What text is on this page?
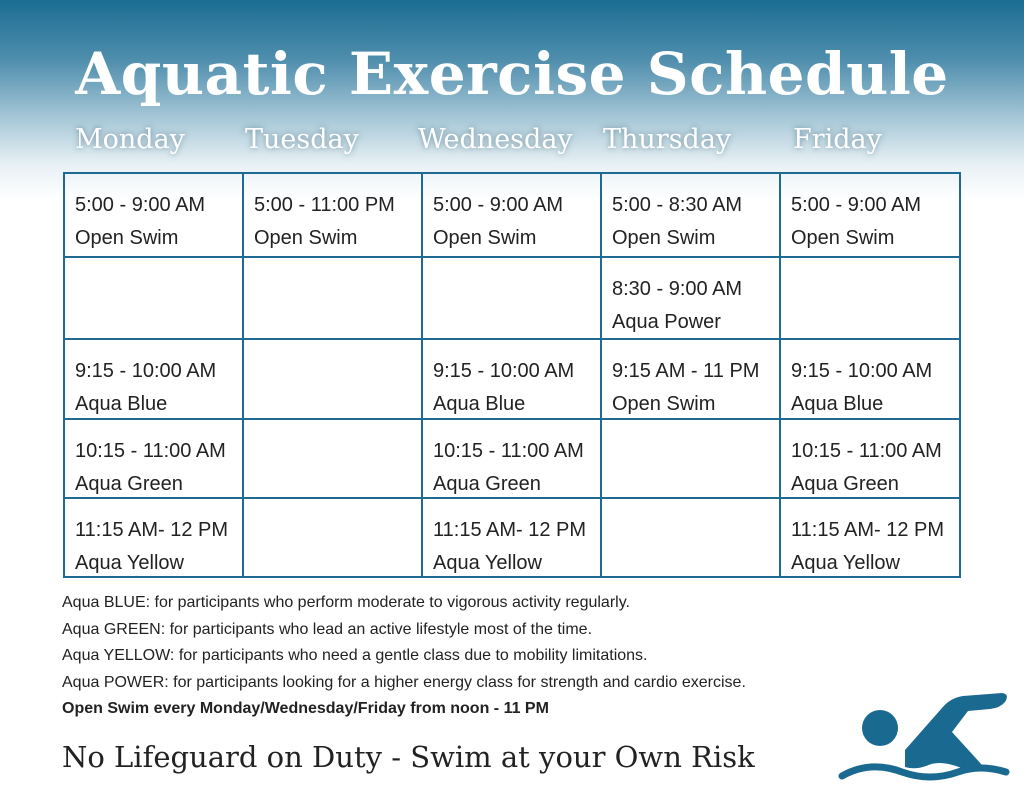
Aquatic Exercise Schedule
Monday Tuesday Wednesday Thursday Friday
5:00 - 9:00 AM
Open Swim
5:00 - 11:00 PM
Open Swim
5:00 - 9:00 AM
Open Swim
5:00 - 8:30 AM
Open Swim
5:00 - 9:00 AM
Open Swim
8:30 - 9:00 AM
Aqua Power
9:15 - 10:00 AM
Aqua Blue
9:15 - 10:00 AM
Aqua Blue
9:15 AM - 11 PM
Open Swim
9:15 - 10:00 AM
Aqua Blue
10:15 - 11:00 AM
Aqua Green
10:15 - 11:00 AM
Aqua Green
10:15 - 11:00 AM
Aqua Green
11:15 AM- 12 PM
Aqua Yellow
11:15 AM- 12 PM
Aqua Yellow
11:15 AM- 12 PM
Aqua Yellow
Aqua BLUE: for participants who perform moderate to vigorous activity regularly.
Aqua GREEN: for participants who lead an active lifestyle most of the time.
Aqua YELLOW: for participants who need a gentle class due to mobility limitations.
Aqua POWER: for participants looking for a higher energy class for strength and cardio exercise.
Open Swim every Monday/Wednesday/Friday from noon - 11 PM
No Lifeguard on Duty - Swim at your Own Risk
